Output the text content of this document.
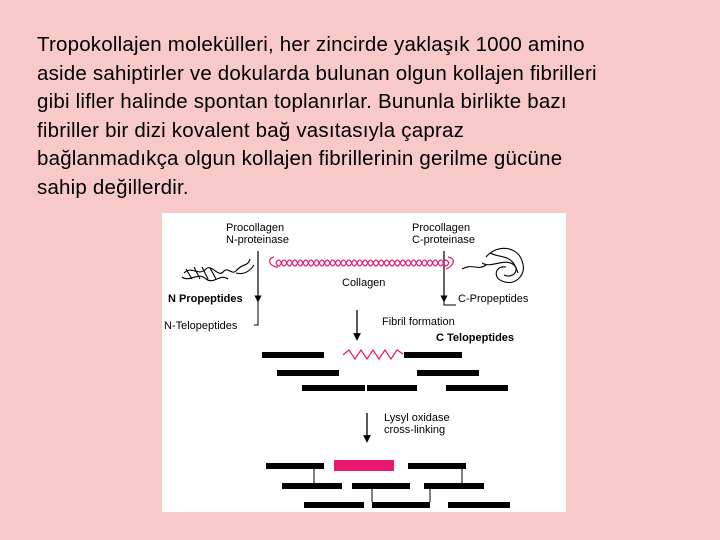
Tropokollajen molekülleri, her zincirde yaklaşık 1000 amino
aside sahiptirler ve dokularda bulunan olgun kollajen fibrilleri
gibi lifler halinde spontan toplanırlar. Bununla birlikte bazı
fibriller bir dizi kovalent bağ vasıtasıyla çapraz
bağlanmadıkça olgun kollajen fibrillerinin gerilme gücüne
sahip değillerdir.
Procollagen
N-proteinase
Procollagen
C-proteinase
Collagen
N Propeptides	C-Propeptides
Fibril formation
N-Telopeptides
C Telopeptides
Lysyl oxidase
cross-linking
